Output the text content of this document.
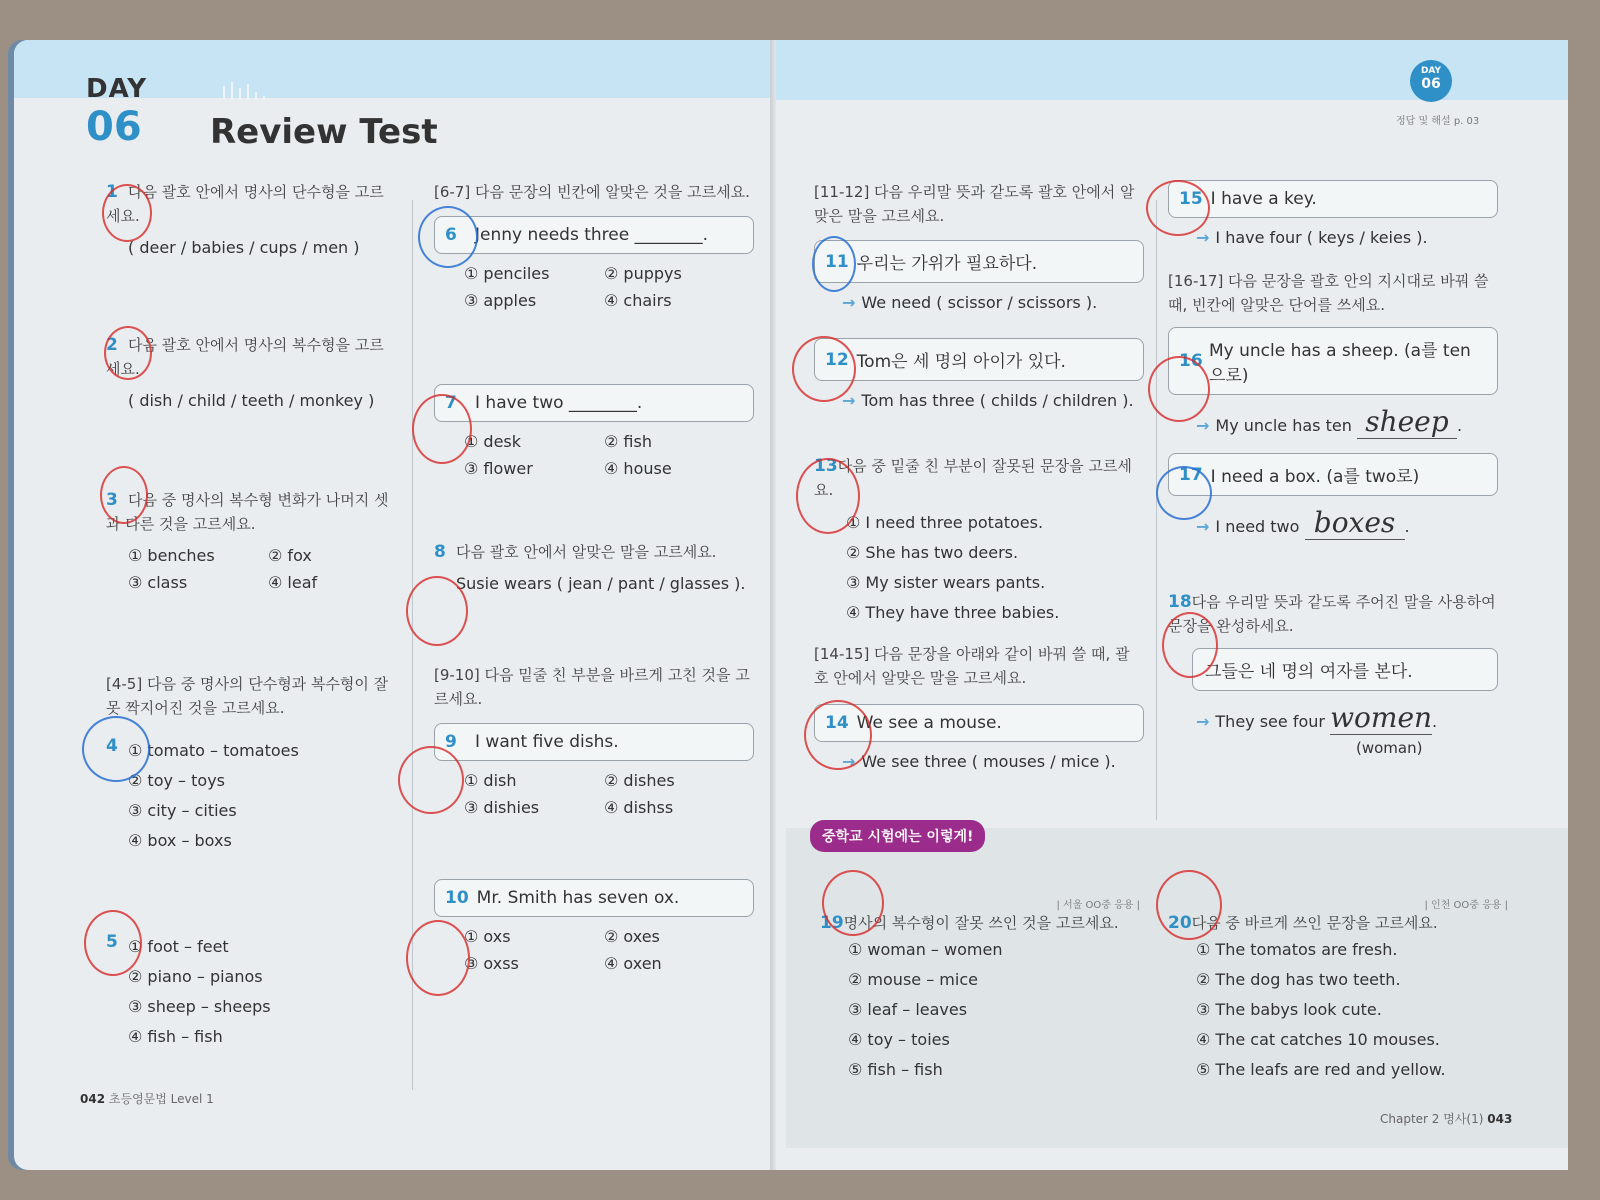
DAY
06 Review Test
1 다음 괄호 안에서 명사의 단수형을 고르세요.
( deer / babies / cups / men )
2 다음 괄호 안에서 명사의 복수형을 고르세요.
( dish / child / teeth / monkey )
3 다음 중 명사의 복수형 변화가 나머지 셋과 다른 것을 고르세요.
① benches	② fox
③ class	④ leaf
[4-5] 다음 중 명사의 단수형과 복수형이 잘못 짝지어진 것을 고르세요.
4 ① tomato – tomatoes
② toy – toys
③ city – cities
④ box – boxs
5 ① foot – feet
② piano – pianos
③ sheep – sheeps
④ fish – fish
[6-7] 다음 문장의 빈칸에 알맞은 것을 고르세요.
6	Jenny needs three ________.
① penciles	② puppys
③ apples	④ chairs
7	I have two ________.
① desk	② fish
③ flower	④ house
8 다음 괄호 안에서 알맞은 말을 고르세요.
Susie wears ( jean / pant / glasses ).
[9-10] 다음 밑줄 친 부분을 바르게 고친 것을 고르세요.
9	I want five dishs.
① dish	② dishes
③ dishies	④ dishss
10 Mr. Smith has seven ox.
① oxs	② oxes
③ oxss	④ oxen
042 초등영문법 Level 1
DAY
06
정답 및 해설 p. 03
[11-12] 다음 우리말 뜻과 같도록 괄호 안에서 알맞은 말을 고르세요.
11 우리는 가위가 필요하다.
→ We need ( scissor / scissors ).
12 Tom은 세 명의 아이가 있다.
→ Tom has three ( childs / children ).
13다음 중 밑줄 친 부분이 잘못된 문장을 고르세요.
① I need three potatoes.
② She has two deers.
③ My sister wears pants.
④ They have three babies.
[14-15] 다음 문장을 아래와 같이 바꿔 쓸 때, 괄호 안에서 알맞은 말을 고르세요.
14 We see a mouse.
→ We see three ( mouses / mice ).
15 I have a key.
→ I have four ( keys / keies ).
[16-17] 다음 문장을 괄호 안의 지시대로 바꿔 쓸 때, 빈칸에 알맞은 단어를 쓰세요.
16 My uncle has a sheep. (a를 ten으로)
→ My uncle has ten sheep .
17 I need a box. (a를 two로)
→ I need two boxes .
18다음 우리말 뜻과 같도록 주어진 말을 사용하여 문장을 완성하세요.
그들은 네 명의 여자를 본다.
→ They see four women.
(woman)
중학교 시험에는 이렇게!
| 서울 OO중 응용 |
19명사의 복수형이 잘못 쓰인 것을 고르세요.
① woman – women
② mouse – mice
③ leaf – leaves
④ toy – toies
⑤ fish – fish
| 인천 OO중 응용 |
20다음 중 바르게 쓰인 문장을 고르세요.
① The tomatos are fresh.
② The dog has two teeth.
③ The babys look cute.
④ The cat catches 10 mouses.
⑤ The leafs are red and yellow.
Chapter 2 명사(1) 043
